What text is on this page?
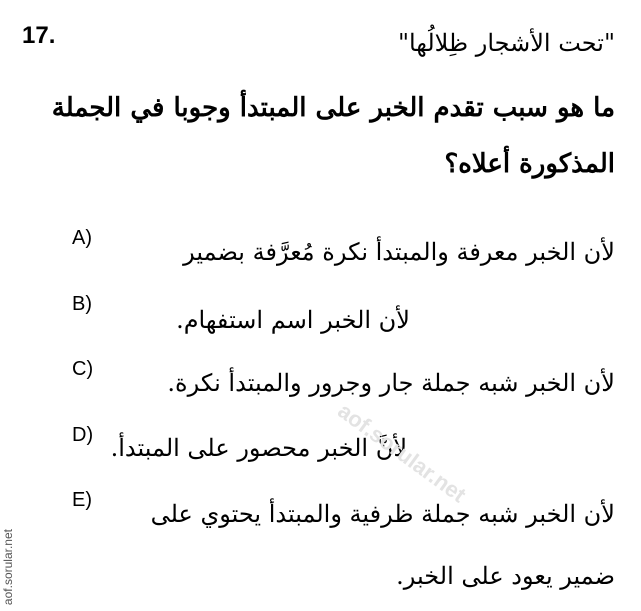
17.	"تحت الأشجار ظِلالُها"
ما هو سبب تقدم الخبر على المبتدأ وجوبا في الجملة
المذكورة أعلاه؟
A)	لأن الخبر معرفة والمبتدأ نكرة مُعرَّفة بضمير
B)
لأن الخبر اسم استفهام.
C)	لأن الخبر شبه جملة جار وجرور والمبتدأ نكرة.
D) لأنَّ الخبر محصور على المبتدأ.
E) لأن الخبر شبه جملة ظرفية والمبتدأ يحتوي على
ضمير يعود على الخبر.
aof.sorular.net
aof.sorular.net
